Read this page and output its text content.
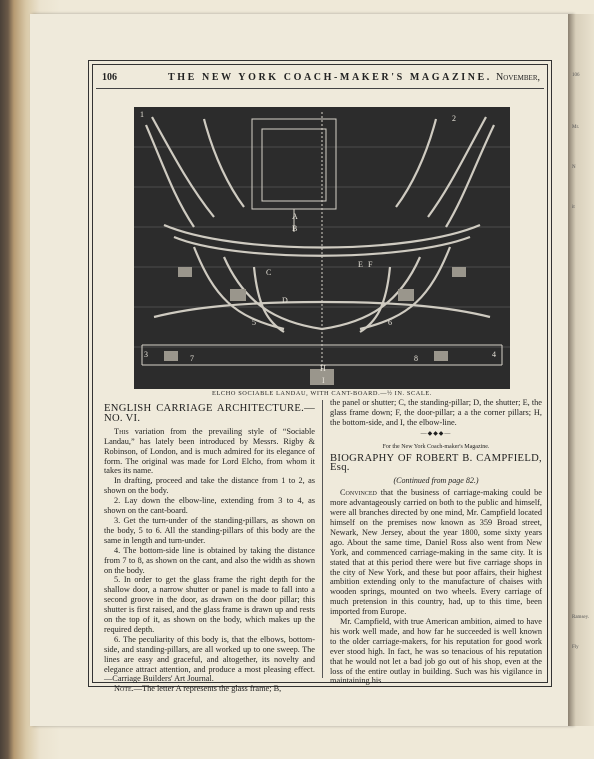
106
Mr.
N
it
Ramsey.
Fly
106	THE NEW YORK COACH-MAKER'S MAGAZINE. November,
1	2
3	4
5	6
7	8
A
B
C
D
E F
H
I
ELCHO SOCIABLE LANDAU, WITH CANT-BOARD.—½ IN. SCALE.
ENGLISH CARRIAGE ARCHITECTURE.—NO. VI.

This variation from the prevailing style of “Sociable Landau,” has lately been introduced by Messrs. Rigby & Robinson, of London, and is much admired for its elegance of form. The original was made for Lord Elcho, from whom it takes its name.

In drafting, proceed and take the distance from 1 to 2, as shown on the body.

2. Lay down the elbow-line, extending from 3 to 4, as shown on the cant-board.

3. Get the turn-under of the standing-pillars, as shown on the body, 5 to 6. All the standing-pillars of this body are the same in length and turn-under.

4. The bottom-side line is obtained by taking the distance from 7 to 8, as shown on the cant, and also the width as shown on the body.

5. In order to get the glass frame the right depth for the shallow door, a narrow shutter or panel is made to fall into a second groove in the door, as drawn on the door pillar; this shutter is first raised, and the glass frame is drawn up and rests on the top of it, as shown on the body, which makes up the required depth.

6. The peculiarity of this body is, that the elbows, bottom-side, and standing-pillars, are all worked up to one sweep. The lines are easy and graceful, and altogether, its novelty and elegance attract attention, and produce a most pleasing effect.—Carriage Builders' Art Journal.

Note.—The letter A represents the glass frame; B,

the panel or shutter; C, the standing-pillar; D, the shutter; E, the glass frame down; F, the door-pillar; a a the corner pillars; H, the bottom-side, and I, the elbow-line.

—◆◆◆—
For the New York Coach-maker's Magazine.
BIOGRAPHY OF ROBERT B. CAMPFIELD, Esq.

(Continued from page 82.)

Convinced that the business of carriage-making could be more advantageously carried on both to the public and himself, were all branches directed by one mind, Mr. Campfield located himself on the premises now known as 359 Broad street, Newark, New Jersey, about the year 1800, some sixty years ago. About the same time, Daniel Ross also went from New York, and commenced carriage-making in the same city. It is stated that at this period there were but five carriage shops in the city of New York, and these but poor affairs, their highest ambition extending only to the manufacture of chaises with wooden springs, mounted on two wheels. Every carriage of much pretension in this country, had, up to this time, been imported from Europe.

Mr. Campfield, with true American ambition, aimed to have his work well made, and how far he succeeded is well known to the older carriage-makers, for his reputation for good work ever stood high. In fact, he was so tenacious of his reputation that he would not let a bad job go out of his shop, even at the loss of the entire outlay in building. Such was his vigilance in maintaining his
